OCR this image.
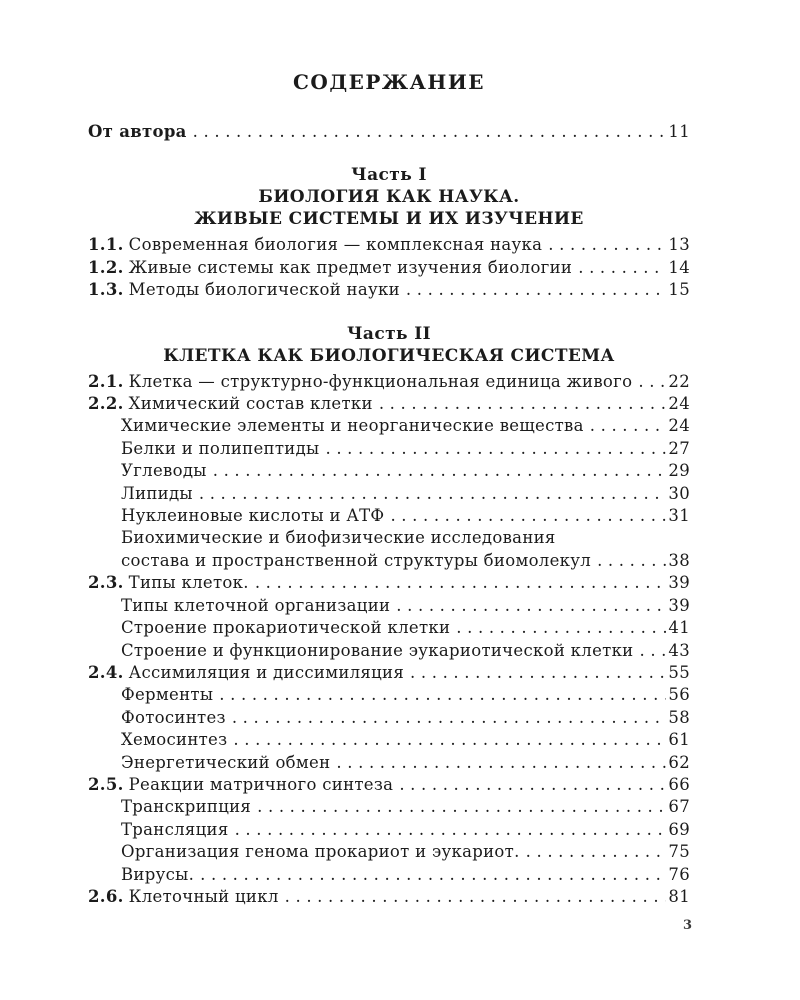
СОДЕРЖАНИЕ
От автора .....	11
Часть I
БИОЛОГИЯ КАК НАУКА.
ЖИВЫЕ СИСТЕМЫ И ИХ ИЗУЧЕНИЕ
1.1. Современная биология — комплексная наука .....	13
1.2. Живые системы как предмет изучения биологии .....	14
1.3. Методы биологической науки .....	15
Часть II
КЛЕТКА КАК БИОЛОГИЧЕСКАЯ СИСТЕМА
2.1. Клетка — структурно-функциональная единица живого ..... 22
2.2. Химический состав клетки .....	24
Химические элементы и неорганические вещества .....	24
Белки и полипептиды .....	27
Углеводы .....	29
Липиды .....	30
Нуклеиновые кислоты и АТФ .....	31
Биохимические и биофизические исследования
состава и пространственной структуры биомолекул .....	38
2.3. Типы клеток. .....	39
Типы клеточной организации .....	39
Строение прокариотической клетки .....	41
Строение и функционирование эукариотической клетки ..... 43
2.4. Ассимиляция и диссимиляция .....	55
Ферменты .....	56
Фотосинтез .....	58
Хемосинтез .....	61
Энергетический обмен .....	62
2.5. Реакции матричного синтеза .....	66
Транскрипция .....	67
Трансляция .....	69
Организация генома прокариот и эукариот. .....	75
Вирусы. .....	76
2.6. Клеточный цикл .....	81
3
